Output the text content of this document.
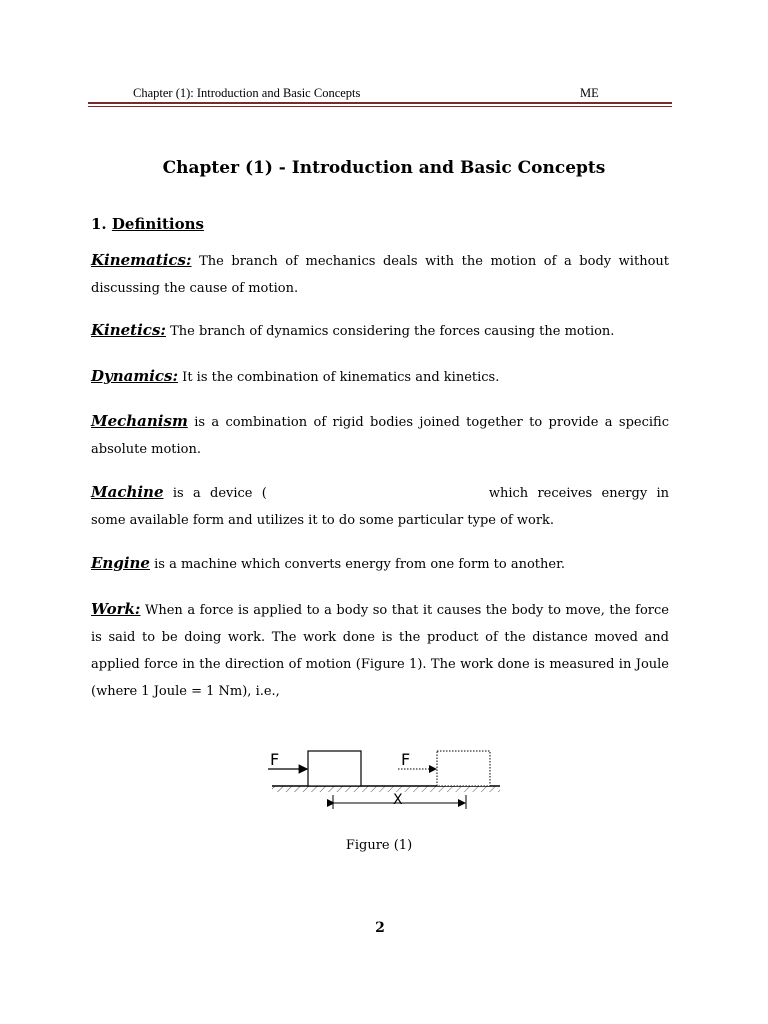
Chapter (1): Introduction and Basic Concepts	ME
Chapter (1) - Introduction and Basic Concepts
1. Definitions

Kinematics: The branch of mechanics deals with the motion of a body without discussing the cause of motion.

Kinetics: The branch of dynamics considering the forces causing the motion.

Dynamics: It is the combination of kinematics and kinetics.

Mechanism is a combination of rigid bodies joined together to provide a specific absolute motion.

Machine is a device (	which receives energy in some available form and utilizes it to do some particular type of work.

Engine is a machine which converts energy from one form to another.

Work: When a force is applied to a body so that it causes the body to move, the force is said to be doing work. The work done is the product of the distance moved and applied force in the direction of motion (Figure 1). The work done is measured in Joule (where 1 Joule = 1 Nm), i.e.,

F	F
X
Figure (1)
2
